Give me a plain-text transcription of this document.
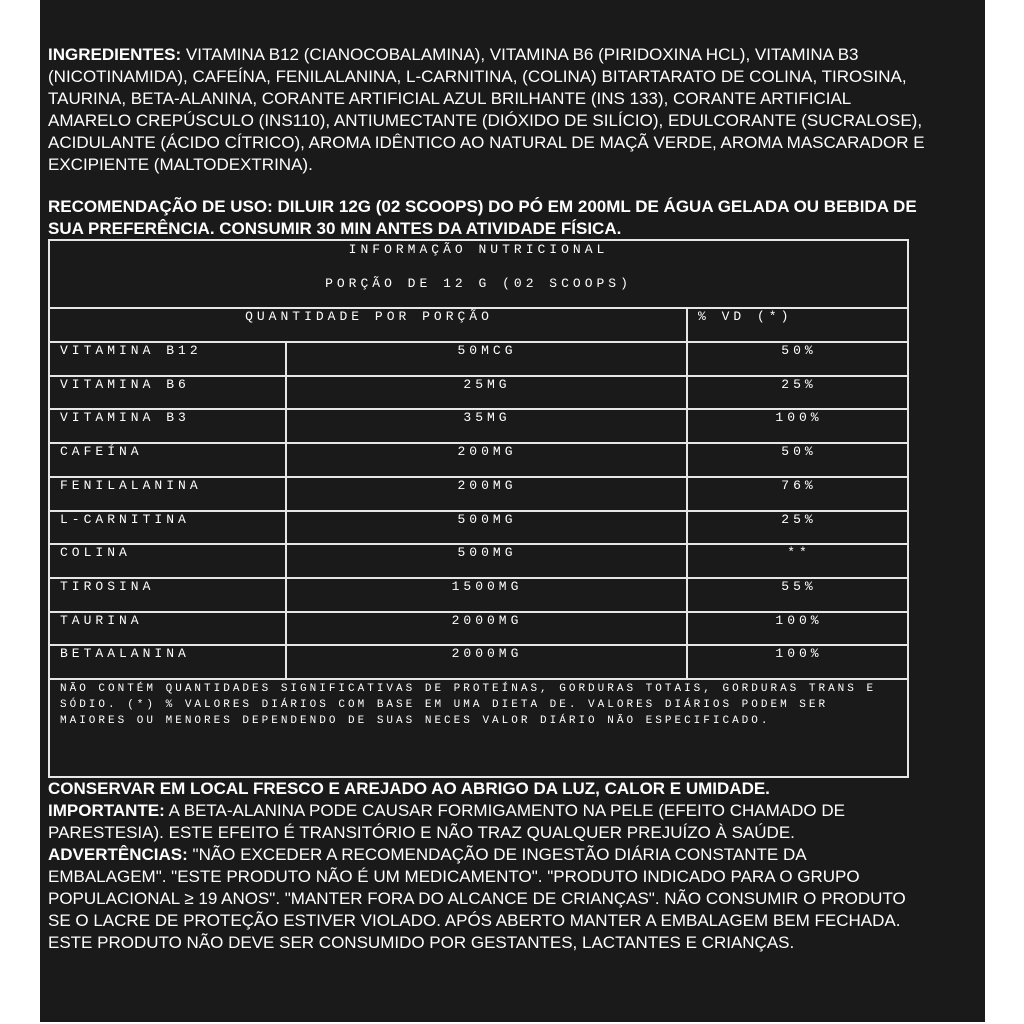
INGREDIENTES: VITAMINA B12 (CIANOCOBALAMINA), VITAMINA B6 (PIRIDOXINA HCL), VITAMINA B3 (NICOTINAMIDA), CAFEÍNA, FENILALANINA, L-CARNITINA, (COLINA) BITARTARATO DE COLINA, TIROSINA, TAURINA, BETA-ALANINA, CORANTE ARTIFICIAL AZUL BRILHANTE (INS 133), CORANTE ARTIFICIAL AMARELO CREPÚSCULO (INS110), ANTIUMECTANTE (DIÓXIDO DE SILÍCIO), EDULCORANTE (SUCRALOSE), ACIDULANTE (ÁCIDO CÍTRICO), AROMA IDÊNTICO AO NATURAL DE MAÇÃ VERDE, AROMA MASCARADOR E EXCIPIENTE (MALTODEXTRINA).
RECOMENDAÇÃO DE USO: DILUIR 12G (02 SCOOPS) DO PÓ EM 200ML DE ÁGUA GELADA OU BEBIDA DE SUA PREFERÊNCIA. CONSUMIR 30 MIN ANTES DA ATIVIDADE FÍSICA.
INFORMAÇÃO NUTRICIONAL
PORÇÃO DE 12 G (02 SCOOPS)
QUANTIDADE POR PORÇÃO	% VD (*)
VITAMINA B12	50MCG	50%
VITAMINA B6	25MG	25%
VITAMINA B3	35MG	100%
CAFEÍNA	200MG	50%
FENILALANINA	200MG	76%
L-CARNITINA	500MG	25%
COLINA	500MG	**
TIROSINA	1500MG	55%
TAURINA	2000MG	100%
BETAALANINA	2000MG	100%
NÃO CONTÉM QUANTIDADES SIGNIFICATIVAS DE PROTEÍNAS, GORDURAS TOTAIS, GORDURAS TRANS E SÓDIO. (*) % VALORES DIÁRIOS COM BASE EM UMA DIETA DE. VALORES DIÁRIOS PODEM SER MAIORES OU MENORES DEPENDENDO DE SUAS NECES VALOR DIÁRIO NÃO ESPECIFICADO.
CONSERVAR EM LOCAL FRESCO E AREJADO AO ABRIGO DA LUZ, CALOR E UMIDADE.
IMPORTANTE: A BETA-ALANINA PODE CAUSAR FORMIGAMENTO NA PELE (EFEITO CHAMADO DE PARESTESIA). ESTE EFEITO É TRANSITÓRIO E NÃO TRAZ QUALQUER PREJUÍZO À SAÚDE.
ADVERTÊNCIAS: "NÃO EXCEDER A RECOMENDAÇÃO DE INGESTÃO DIÁRIA CONSTANTE DA EMBALAGEM". "ESTE PRODUTO NÃO É UM MEDICAMENTO". "PRODUTO INDICADO PARA O GRUPO POPULACIONAL ≥ 19 ANOS". "MANTER FORA DO ALCANCE DE CRIANÇAS". NÃO CONSUMIR O PRODUTO SE O LACRE DE PROTEÇÃO ESTIVER VIOLADO. APÓS ABERTO MANTER A EMBALAGEM BEM FECHADA. ESTE PRODUTO NÃO DEVE SER CONSUMIDO POR GESTANTES, LACTANTES E CRIANÇAS.
